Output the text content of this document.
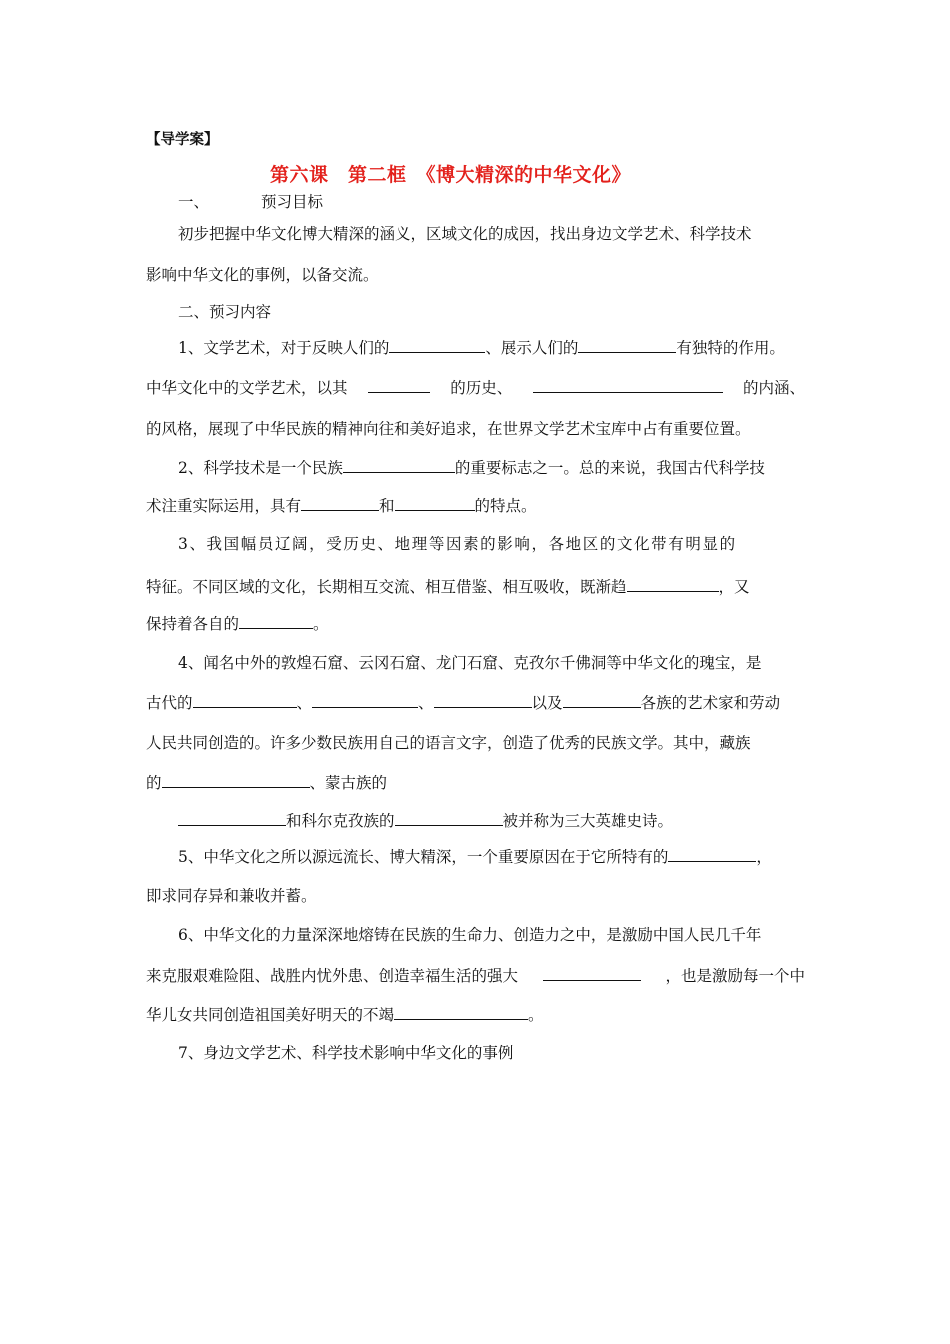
【导学案】
第六课　第二框　《博大精深的中华文化》
一、	预习目标
初步把握中华文化博大精深的涵义，区域文化的成因，找出身边文学艺术、科学技术
影响中华文化的事例，以备交流。
二、预习内容
1、文学艺术，对于反映人们的	、展示人们的	有独特的作用。
中华文化中的文学艺术，以其	的历史、	的内涵、
的风格，展现了中华民族的精神向往和美好追求，在世界文学艺术宝库中占有重要位置。
2、科学技术是一个民族	的重要标志之一。总的来说，我国古代科学技
术注重实际运用，具有	和	的特点。
3、我国幅员辽阔，受历史、地理等因素的影响，各地区的文化带有明显的
特征。不同区域的文化，长期相互交流、相互借鉴、相互吸收，既渐趋	，又
保持着各自的	。
4、闻名中外的敦煌石窟、云冈石窟、龙门石窟、克孜尔千佛洞等中华文化的瑰宝，是
古代的	、	、	以及	各族的艺术家和劳动
人民共同创造的。许多少数民族用自己的语言文字，创造了优秀的民族文学。其中，藏族
的	、蒙古族的
和科尔克孜族的	被并称为三大英雄史诗。
5、中华文化之所以源远流长、博大精深，一个重要原因在于它所特有的	，
即求同存异和兼收并蓄。
6、中华文化的力量深深地熔铸在民族的生命力、创造力之中，是激励中国人民几千年
来克服艰难险阻、战胜内忧外患、创造幸福生活的强大	，也是激励每一个中
华儿女共同创造祖国美好明天的不竭	。
7、身边文学艺术、科学技术影响中华文化的事例
